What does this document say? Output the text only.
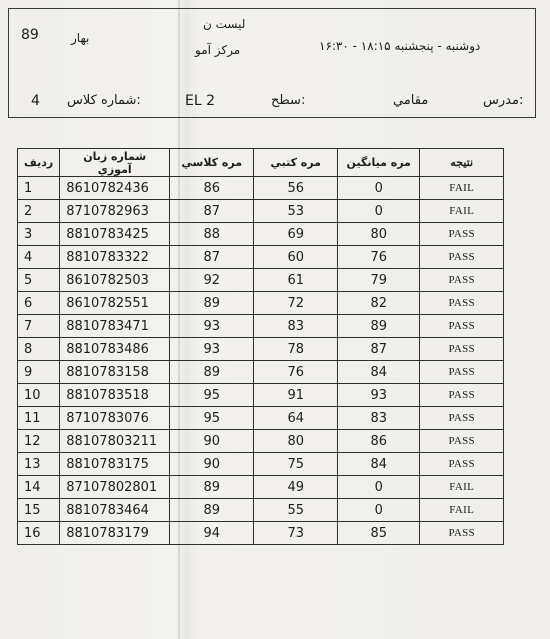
89	بهار
ليست ن
مرکز آمو	دوشنبه - پنجشنبه ۱۸:۱۵ - ۱۶:۳۰
4 شماره كلاس:	EL 2	سطح:	مقامي	مدرس:
رديف	شماره زبان آموزي	مره كلاسي	مره كتبي	مره ميانگين	نتيجه
1	8610782436	86	56	0	FAIL
2	8710782963	87	53	0	FAIL
3	8810783425	88	69	80	PASS
4	8810783322	87	60	76	PASS
5	8610782503	92	61	79	PASS
6	8610782551	89	72	82	PASS
7	8810783471	93	83	89	PASS
8	8810783486	93	78	87	PASS
9	8810783158	89	76	84	PASS
10	8810783518	95	91	93	PASS
11	8710783076	95	64	83	PASS
12	88107803211	90	80	86	PASS
13	8810783175	90	75	84	PASS
14	87107802801	89	49	0	FAIL
15	8810783464	89	55	0	FAIL
16	8810783179	94	73	85	PASS
